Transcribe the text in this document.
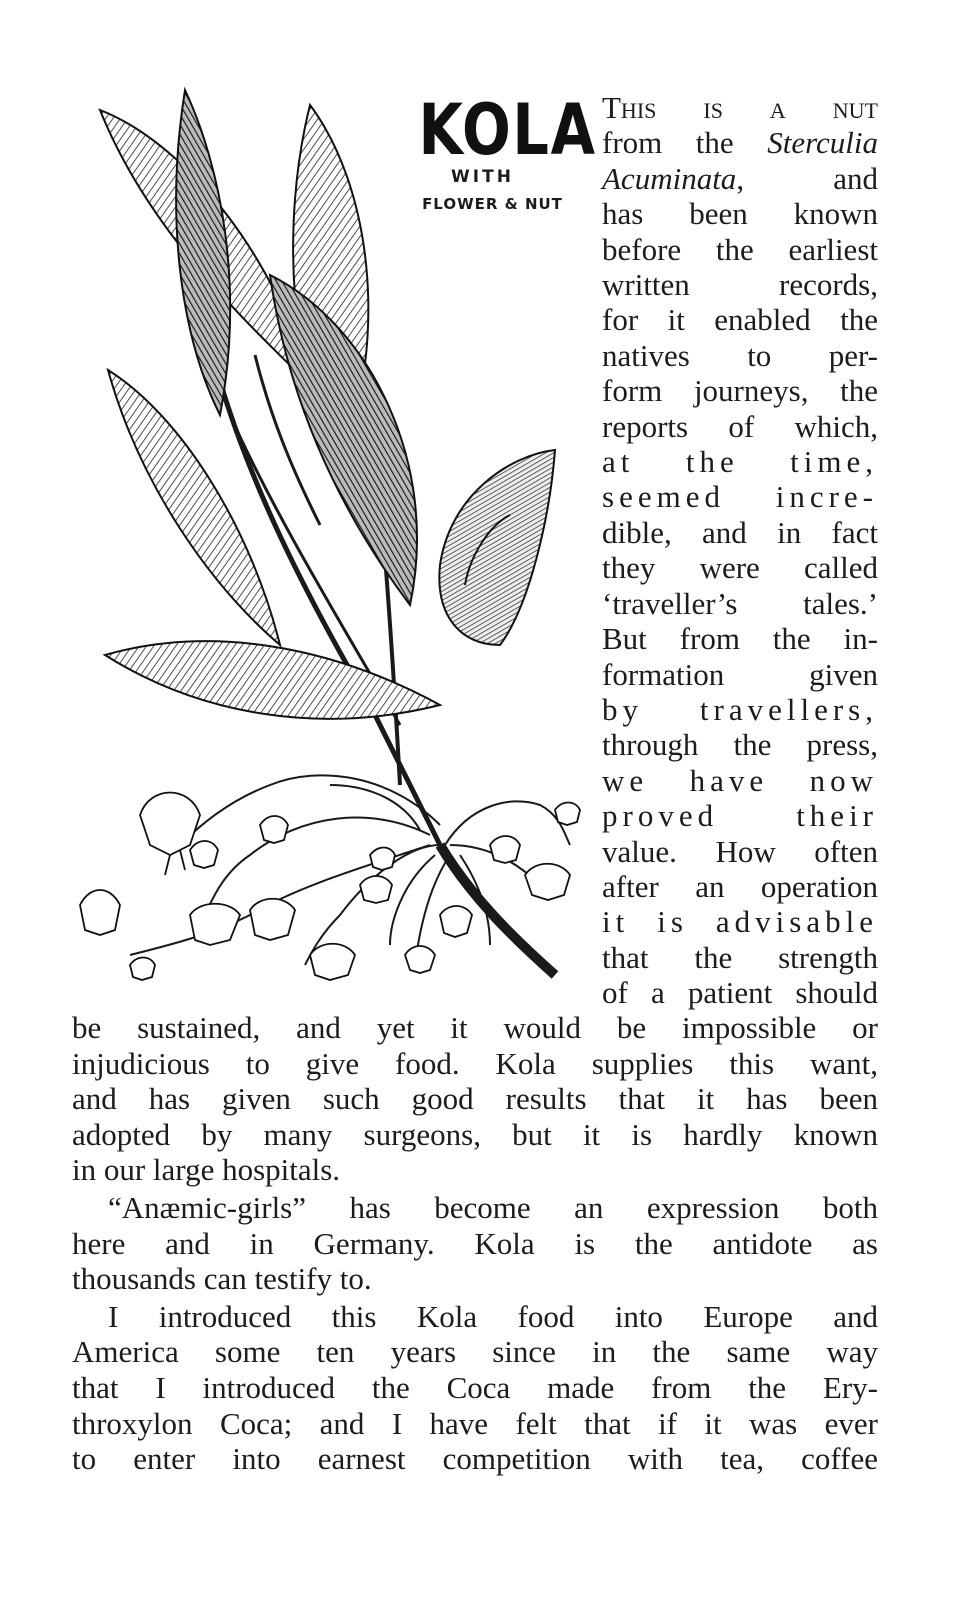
KOLA
WITH
FLOWER & NUT
This is a nut
from the Sterculia
Acuminata, and
has been known
before the earliest
written records,
for it enabled the
natives to per-
form journeys, the
reports of which,
at the time,
seemed incre-
dible, and in fact
they were called
‘traveller’s tales.’
But from the in-
formation given
by travellers,
through the press,
we have now
proved their
value. How often
after an operation
it is advisable
that the strength
of a patient should
be sustained, and yet it would be impossible or
injudicious to give food. Kola supplies this want,
and has given such good results that it has been
adopted by many surgeons, but it is hardly known
in our large hospitals.
“Anæmic-girls” has become an expression both
here and in Germany. Kola is the antidote as
thousands can testify to.
I introduced this Kola food into Europe and
America some ten years since in the same way
that I introduced the Coca made from the Ery-
throxylon Coca; and I have felt that if it was ever
to enter into earnest competition with tea, coffee
